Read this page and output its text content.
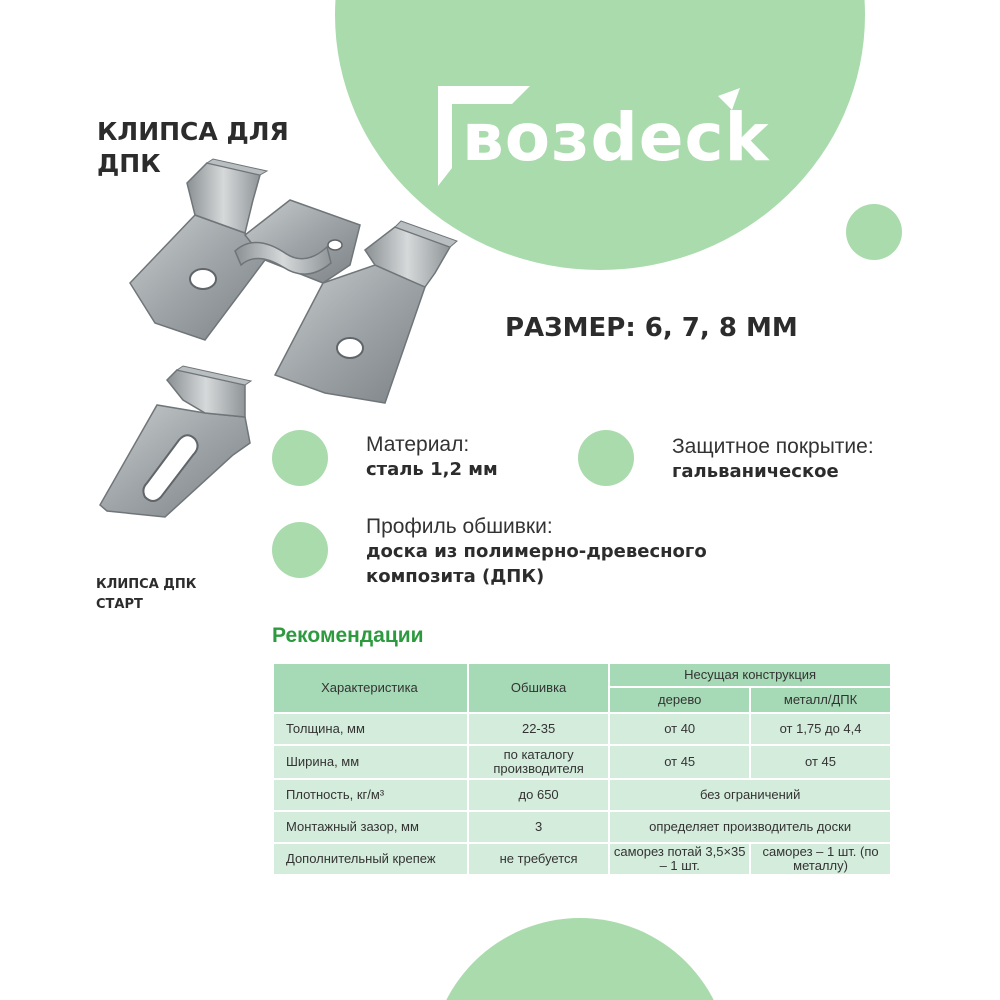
возdeck
КЛИПСА ДЛЯ ДПК
КЛИПСА ДПК СТАРТ
РАЗМЕР: 6, 7, 8 ММ
Материал:
сталь 1,2 мм
Защитное покрытие:
гальваническое
Профиль обшивки:
доска из полимерно-древесного композита (ДПК)
Рекомендации
Характеристика	Обшивка	Несущая конструкция	
		дерево	металл/ДПК
Толщина, мм	22-35	от 40	от 1,75 до 4,4
Ширина, мм	по каталогу производителя	от 45	от 45
Плотность, кг/м³	до 650	без ограничений	
Монтажный зазор, мм	3	определяет производитель доски	
Дополнительный крепеж	не требуется	саморез потай 3,5×35 – 1 шт.	саморез – 1 шт. (по металлу)
